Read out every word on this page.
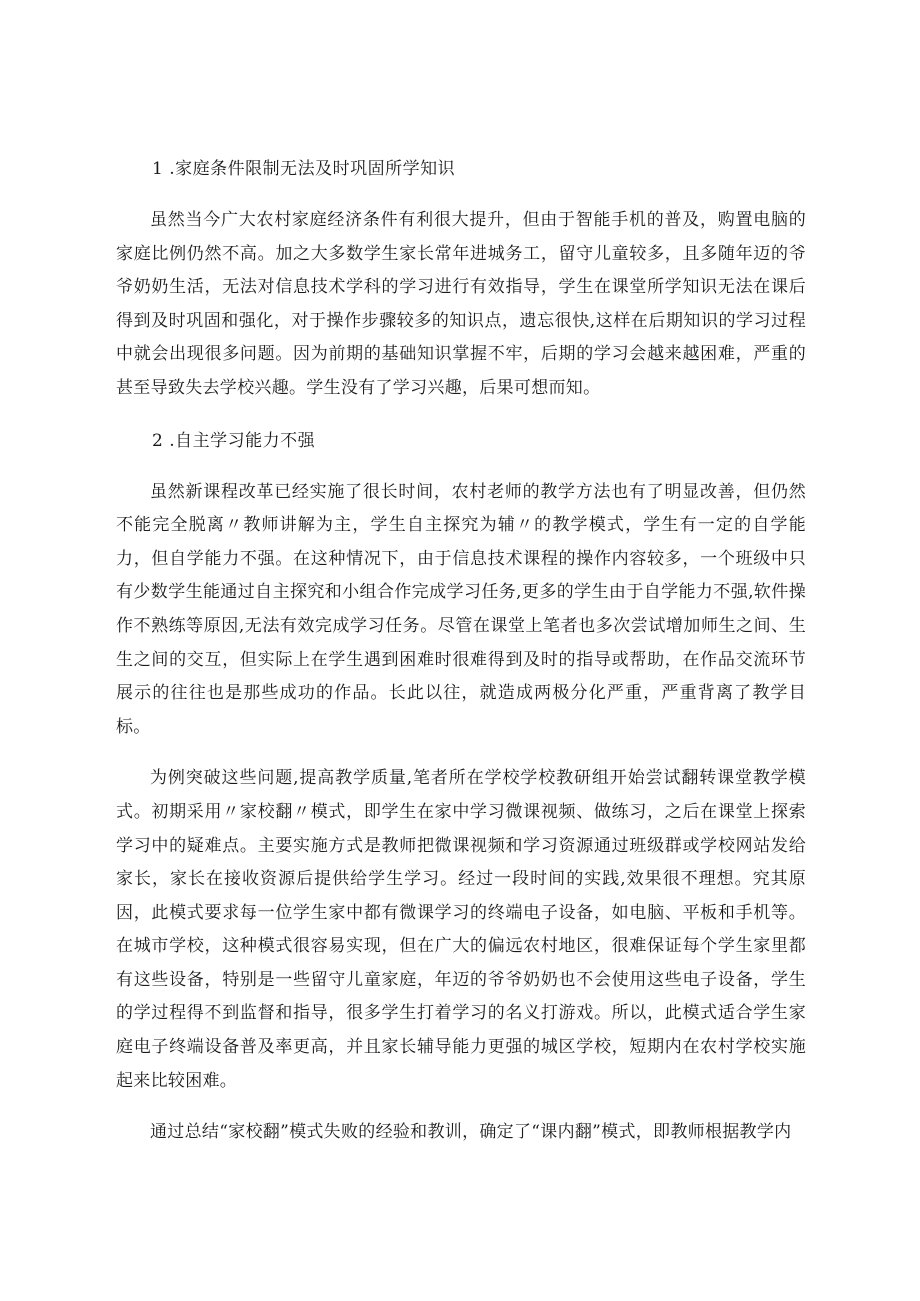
1 .家庭条件限制无法及时巩固所学知识

虽然当今广大农村家庭经济条件有利很大提升，但由于智能手机的普及，购置电脑的家庭比例仍然不高。加之大多数学生家长常年进城务工，留守儿童较多，且多随年迈的爷爷奶奶生活，无法对信息技术学科的学习进行有效指导，学生在课堂所学知识无法在课后得到及时巩固和强化，对于操作步骤较多的知识点，遗忘很快,这样在后期知识的学习过程中就会出现很多问题。因为前期的基础知识掌握不牢，后期的学习会越来越困难，严重的甚至导致失去学校兴趣。学生没有了学习兴趣，后果可想而知。

2 .自主学习能力不强

虽然新课程改革已经实施了很长时间，农村老师的教学方法也有了明显改善，但仍然不能完全脱离〃教师讲解为主，学生自主探究为辅〃的教学模式，学生有一定的自学能力，但自学能力不强。在这种情况下，由于信息技术课程的操作内容较多，一个班级中只有少数学生能通过自主探究和小组合作完成学习任务,更多的学生由于自学能力不强,软件操作不熟练等原因,无法有效完成学习任务。尽管在课堂上笔者也多次尝试增加师生之间、生生之间的交互，但实际上在学生遇到困难时很难得到及时的指导或帮助，在作品交流环节展示的往往也是那些成功的作品。长此以往，就造成两极分化严重，严重背离了教学目标。

为例突破这些问题,提高教学质量,笔者所在学校学校教研组开始尝试翻转课堂教学模式。初期采用〃家校翻〃模式，即学生在家中学习微课视频、做练习，之后在课堂上探索学习中的疑难点。主要实施方式是教师把微课视频和学习资源通过班级群或学校网站发给家长，家长在接收资源后提供给学生学习。经过一段时间的实践,效果很不理想。究其原因，此模式要求每一位学生家中都有微课学习的终端电子设备，如电脑、平板和手机等。在城市学校，这种模式很容易实现，但在广大的偏远农村地区，很难保证每个学生家里都有这些设备，特别是一些留守儿童家庭，年迈的爷爷奶奶也不会使用这些电子设备，学生的学过程得不到监督和指导，很多学生打着学习的名义打游戏。所以，此模式适合学生家庭电子终端设备普及率更高，并且家长辅导能力更强的城区学校，短期内在农村学校实施起来比较困难。

通过总结“家校翻”模式失败的经验和教训，确定了“课内翻”模式，即教师根据教学内
